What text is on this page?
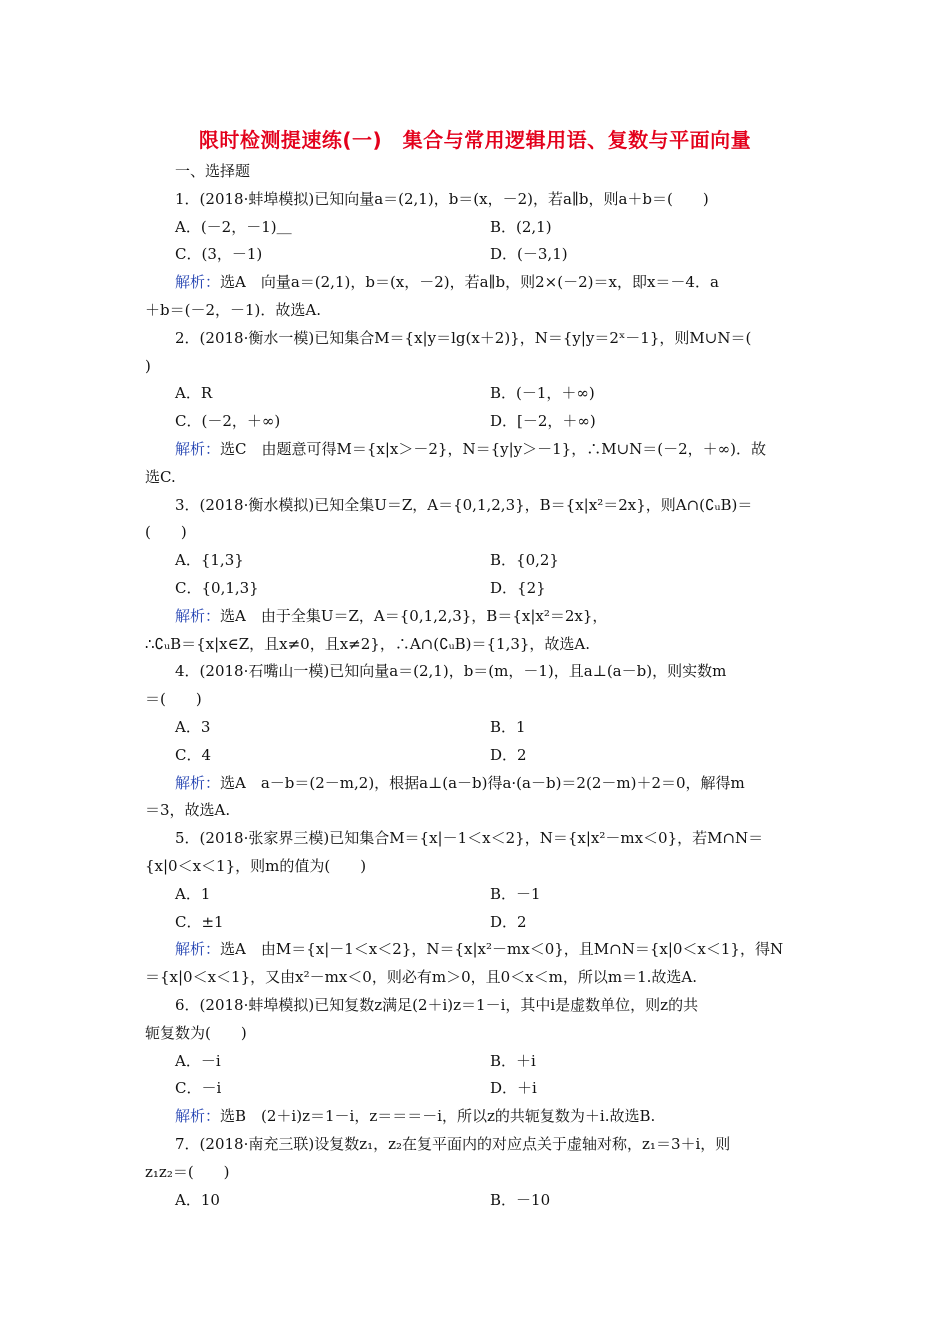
限时检测提速练(一)　集合与常用逻辑用语、复数与平面向量
一、选择题
1．(2018·蚌埠模拟)已知向量a＝(2,1)，b＝(x，－2)，若a∥b，则a＋b＝(　　)
A．(－2，－1)＿	B．(2,1)
C．(3，－1)	D．(－3,1)
解析：选A　向量a＝(2,1)，b＝(x，－2)，若a∥b，则2×(－2)＝x，即x＝－4．a
＋b＝(－2，－1)．故选A.
2．(2018·衡水一模)已知集合M＝{x|y＝lg(x＋2)}，N＝{y|y＝2ˣ－1}，则M∪N＝(
)
A．R	B．(－1，＋∞)
C．(－2，＋∞)	D．[－2，＋∞)
解析：选C　由题意可得M＝{x|x＞－2}，N＝{y|y＞－1}，∴M∪N＝(－2，＋∞)．故
选C.
3．(2018·衡水模拟)已知全集U＝Z，A＝{0,1,2,3}，B＝{x|x²＝2x}，则A∩(∁ᵤB)＝
(　　)
A．{1,3}	B．{0,2}
C．{0,1,3}	D．{2}
解析：选A　由于全集U＝Z，A＝{0,1,2,3}，B＝{x|x²＝2x}，
∴∁ᵤB＝{x|x∈Z，且x≠0，且x≠2}，∴A∩(∁ᵤB)＝{1,3}，故选A.
4．(2018·石嘴山一模)已知向量a＝(2,1)，b＝(m，－1)，且a⊥(a－b)，则实数m
＝(　　)
A．3	B．1
C．4	D．2
解析：选A　a－b＝(2－m,2)，根据a⊥(a－b)得a·(a－b)＝2(2－m)＋2＝0，解得m
＝3，故选A.
5．(2018·张家界三模)已知集合M＝{x|－1＜x＜2}，N＝{x|x²－mx＜0}，若M∩N＝
{x|0＜x＜1}，则m的值为(　　)
A．1	B．－1
C．±1	D．2
解析：选A　由M＝{x|－1＜x＜2}，N＝{x|x²－mx＜0}，且M∩N＝{x|0＜x＜1}，得N
＝{x|0＜x＜1}，又由x²－mx＜0，则必有m＞0，且0＜x＜m，所以m＝1.故选A.
6．(2018·蚌埠模拟)已知复数z满足(2＋i)z＝1－i，其中i是虚数单位，则z的共
轭复数为(　　)
A．－i	B．＋i
C．－i	D．＋i
解析：选B　(2＋i)z＝1－i，z＝＝＝－i，所以z的共轭复数为＋i.故选B.
7．(2018·南充三联)设复数z₁，z₂在复平面内的对应点关于虚轴对称，z₁＝3＋i，则
z₁z₂＝(　　)
A．10	B．－10
